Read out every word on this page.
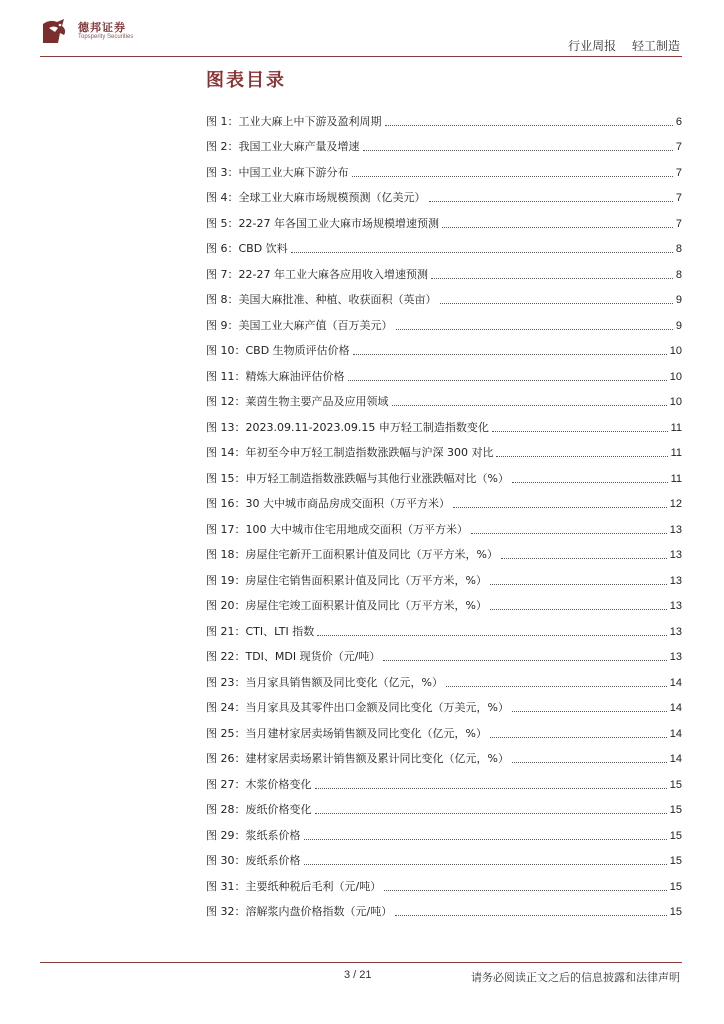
德邦证券
Topsperity Securities
行业周报 轻工制造
图表目录
图 1：工业大麻上中下游及盈利周期	6
图 2：我国工业大麻产量及增速	7
图 3：中国工业大麻下游分布	7
图 4：全球工业大麻市场规模预测（亿美元）	7
图 5：22-27 年各国工业大麻市场规模增速预测	7
图 6：CBD 饮料	8
图 7：22-27 年工业大麻各应用收入增速预测	8
图 8：美国大麻批准、种植、收获面积（英亩）	9
图 9：美国工业大麻产值（百万美元）	9
图 10：CBD 生物质评估价格	10
图 11：精炼大麻油评估价格	10
图 12：莱茵生物主要产品及应用领域	10
图 13：2023.09.11-2023.09.15 申万轻工制造指数变化	11
图 14：年初至今申万轻工制造指数涨跌幅与沪深 300 对比	11
图 15：申万轻工制造指数涨跌幅与其他行业涨跌幅对比（%）	11
图 16：30 大中城市商品房成交面积（万平方米）	12
图 17：100 大中城市住宅用地成交面积（万平方米）	13
图 18：房屋住宅新开工面积累计值及同比（万平方米，%）	13
图 19：房屋住宅销售面积累计值及同比（万平方米，%）	13
图 20：房屋住宅竣工面积累计值及同比（万平方米，%）	13
图 21：CTI、LTI 指数	13
图 22：TDI、MDI 现货价（元/吨）	13
图 23：当月家具销售额及同比变化（亿元，%）	14
图 24：当月家具及其零件出口金额及同比变化（万美元，%）	14
图 25：当月建材家居卖场销售额及同比变化（亿元，%）	14
图 26：建材家居卖场累计销售额及累计同比变化（亿元，%）	14
图 27：木浆价格变化	15
图 28：废纸价格变化	15
图 29：浆纸系价格	15
图 30：废纸系价格	15
图 31：主要纸种税后毛利（元/吨）	15
图 32：溶解浆内盘价格指数（元/吨）	15
3 / 21	请务必阅读正文之后的信息披露和法律声明
